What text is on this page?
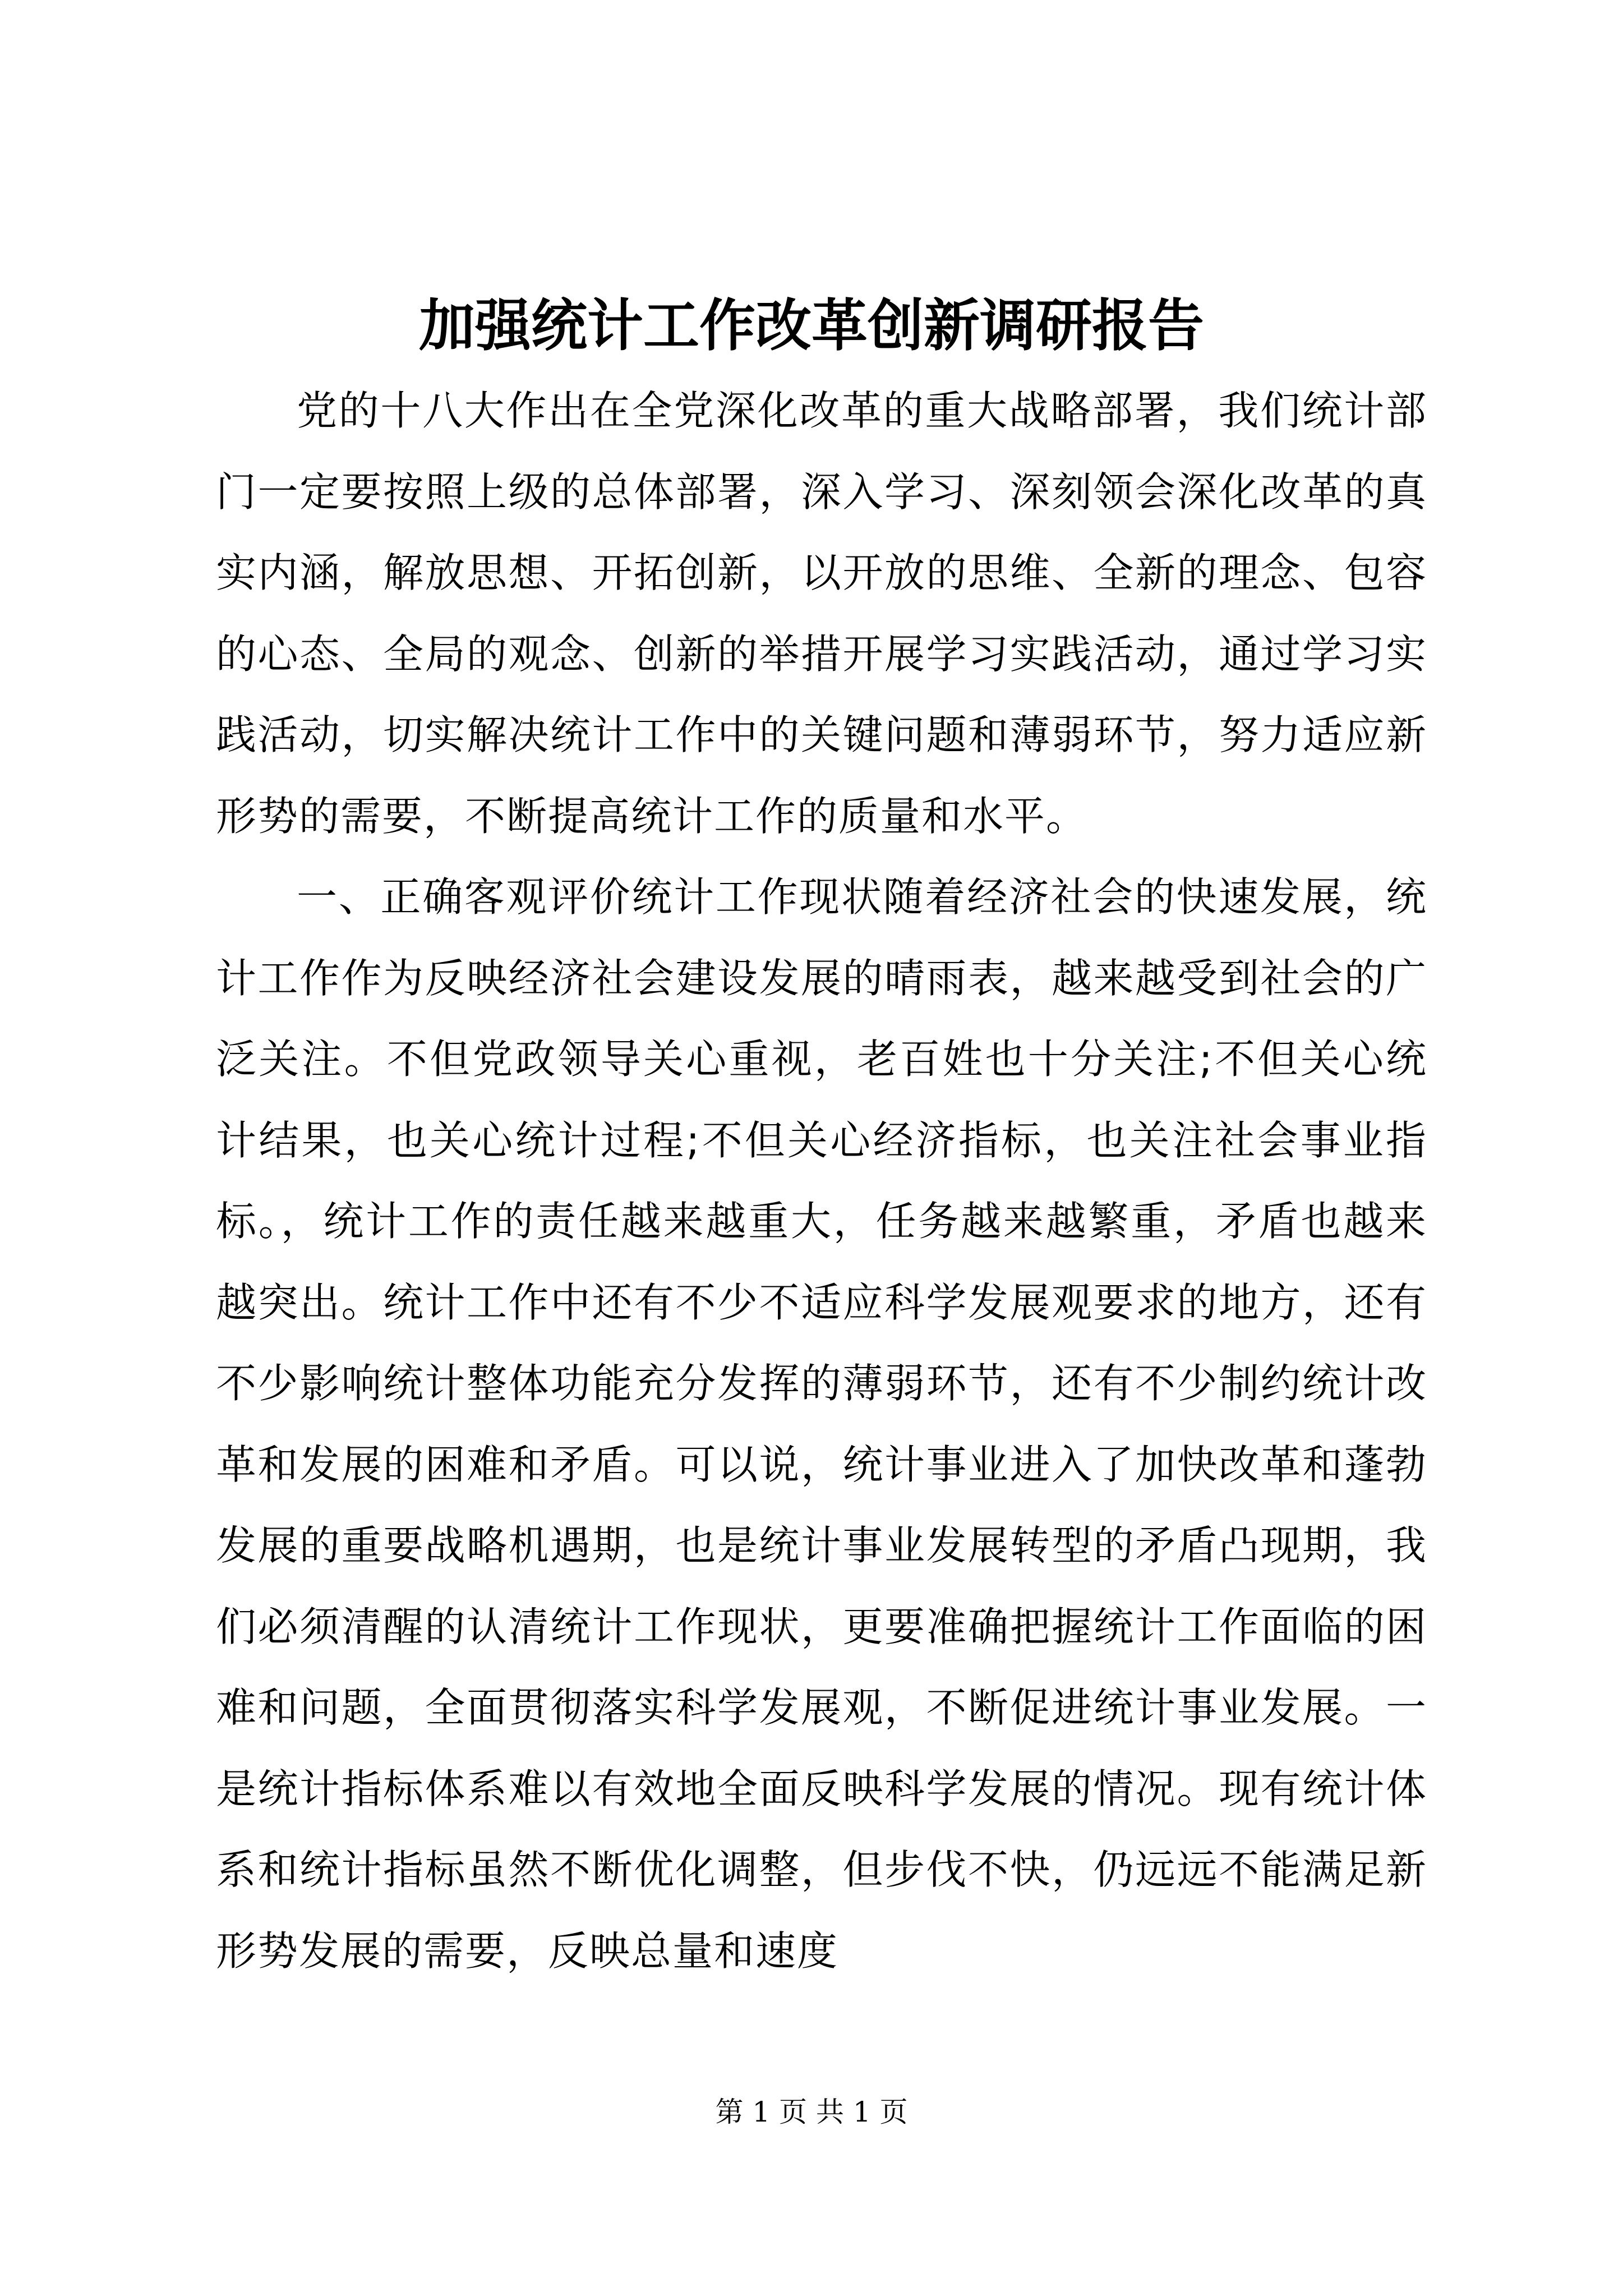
加强统计工作改革创新调研报告

党的十八大作出在全党深化改革的重大战略部署，我们统计部门一定要按照上级的总体部署，深入学习、深刻领会深化改革的真实内涵，解放思想、开拓创新，以开放的思维、全新的理念、包容的心态、全局的观念、创新的举措开展学习实践活动，通过学习实践活动，切实解决统计工作中的关键问题和薄弱环节，努力适应新形势的需要，不断提高统计工作的质量和水平。

一、正确客观评价统计工作现状随着经济社会的快速发展，统计工作作为反映经济社会建设发展的晴雨表，越来越受到社会的广泛关注。不但党政领导关心重视，老百姓也十分关注;不但关心统计结果，也关心统计过程;不但关心经济指标，也关注社会事业指标。，统计工作的责任越来越重大，任务越来越繁重，矛盾也越来越突出。统计工作中还有不少不适应科学发展观要求的地方，还有不少影响统计整体功能充分发挥的薄弱环节，还有不少制约统计改革和发展的困难和矛盾。可以说，统计事业进入了加快改革和蓬勃发展的重要战略机遇期，也是统计事业发展转型的矛盾凸现期，我们必须清醒的认清统计工作现状，更要准确把握统计工作面临的困难和问题，全面贯彻落实科学发展观，不断促进统计事业发展。一是统计指标体系难以有效地全面反映科学发展的情况。现有统计体系和统计指标虽然不断优化调整，但步伐不快，仍远远不能满足新形势发展的需要，反映总量和速度

第 1 页 共 1 页
